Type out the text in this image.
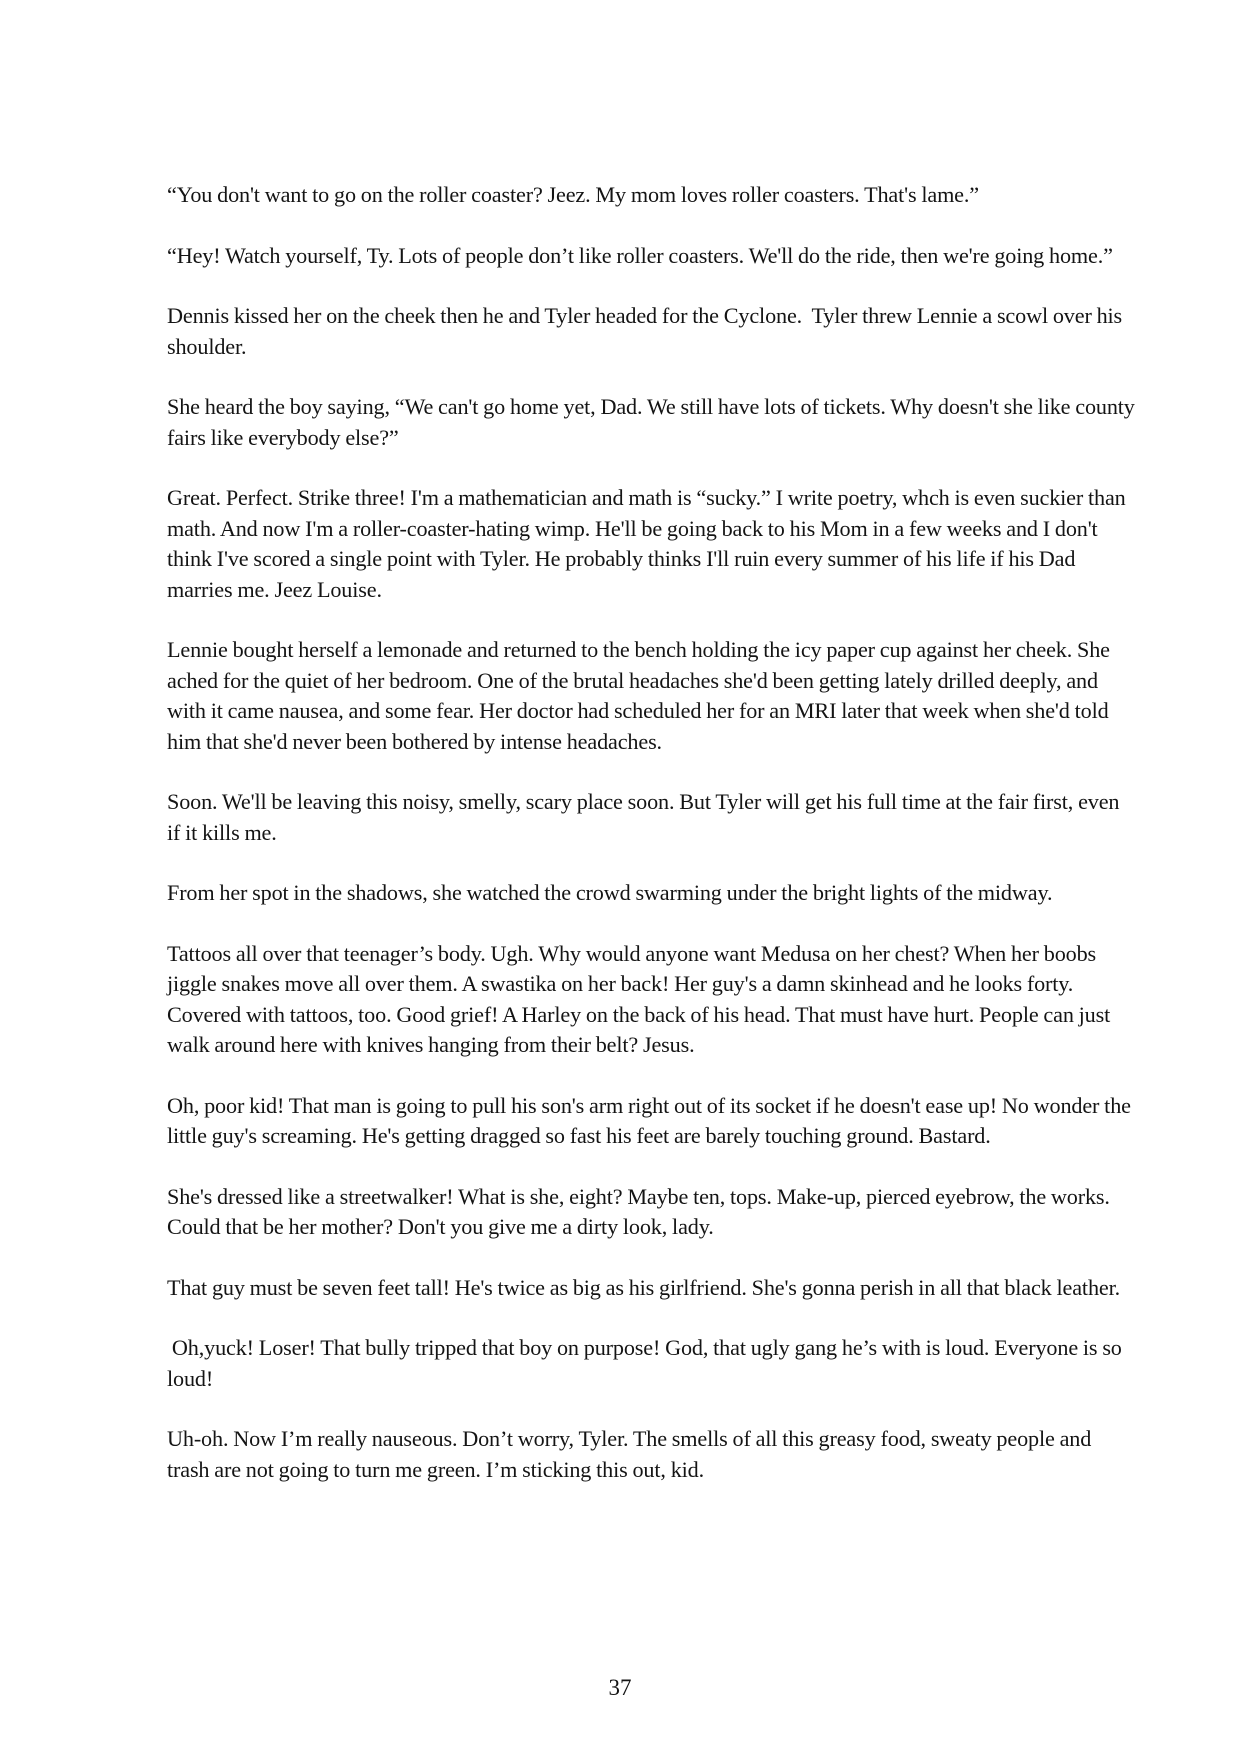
“You don't want to go on the roller coaster? Jeez. My mom loves roller coasters. That's lame.”

“Hey! Watch yourself, Ty. Lots of people don’t like roller coasters. We'll do the ride, then we're going home.”

Dennis kissed her on the cheek then he and Tyler headed for the Cyclone.  Tyler threw Lennie a scowl over his shoulder.

She heard the boy saying, “We can't go home yet, Dad. We still have lots of tickets. Why doesn't she like county fairs like everybody else?”

Great. Perfect. Strike three! I'm a mathematician and math is “sucky.” I write poetry, whch is even suckier than math. And now I'm a roller-coaster-hating wimp. He'll be going back to his Mom in a few weeks and I don't think I've scored a single point with Tyler. He probably thinks I'll ruin every summer of his life if his Dad marries me. Jeez Louise.

Lennie bought herself a lemonade and returned to the bench holding the icy paper cup against her cheek. She ached for the quiet of her bedroom. One of the brutal headaches she'd been getting lately drilled deeply, and with it came nausea, and some fear. Her doctor had scheduled her for an MRI later that week when she'd told him that she'd never been bothered by intense headaches.

Soon. We'll be leaving this noisy, smelly, scary place soon. But Tyler will get his full time at the fair first, even if it kills me.

From her spot in the shadows, she watched the crowd swarming under the bright lights of the midway.

Tattoos all over that teenager’s body. Ugh. Why would anyone want Medusa on her chest? When her boobs jiggle snakes move all over them. A swastika on her back! Her guy's a damn skinhead and he looks forty. Covered with tattoos, too. Good grief! A Harley on the back of his head. That must have hurt. People can just walk around here with knives hanging from their belt? Jesus.

Oh, poor kid! That man is going to pull his son's arm right out of its socket if he doesn't ease up! No wonder the little guy's screaming. He's getting dragged so fast his feet are barely touching ground. Bastard.

She's dressed like a streetwalker! What is she, eight? Maybe ten, tops. Make-up, pierced eyebrow, the works. Could that be her mother? Don't you give me a dirty look, lady.

That guy must be seven feet tall! He's twice as big as his girlfriend. She's gonna perish in all that black leather.

Oh,yuck! Loser! That bully tripped that boy on purpose! God, that ugly gang he’s with is loud. Everyone is so loud!

Uh-oh. Now I’m really nauseous. Don’t worry, Tyler. The smells of all this greasy food, sweaty people and trash are not going to turn me green. I’m sticking this out, kid.

37
